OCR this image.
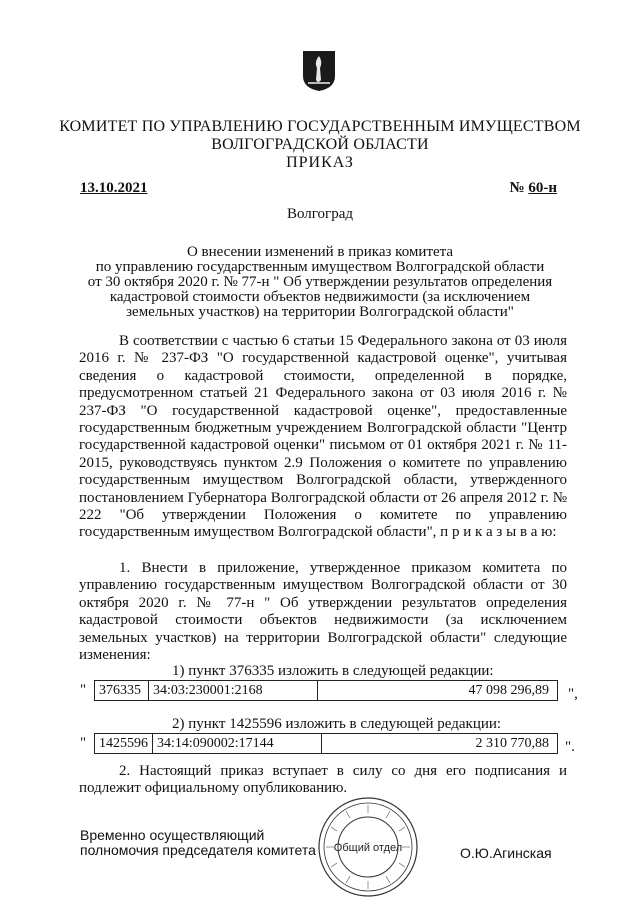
КОМИТЕТ ПО УПРАВЛЕНИЮ ГОСУДАРСТВЕННЫМ ИМУЩЕСТВОМ
ВОЛГОГРАДСКОЙ ОБЛАСТИ
ПРИКАЗ
13.10.2021	№ 60-н
Волгоград
О внесении изменений в приказ комитета
по управлению государственным имуществом Волгоградской области
от 30 октября 2020 г. № 77-н " Об утверждении результатов определения
кадастровой стоимости объектов недвижимости (за исключением
земельных участков) на территории Волгоградской области"

В соответствии с частью 6 статьи 15 Федерального закона от 03 июля 2016 г. № 237-ФЗ "О государственной кадастровой оценке", учитывая сведения о кадастровой стоимости, определенной в порядке, предусмотренном статьей 21 Федерального закона от 03 июля 2016 г. № 237-ФЗ "О государственной кадастровой оценке", предоставленные государственным бюджетным учреждением Волгоградской области "Центр государственной кадастровой оценки" письмом от 01 октября 2021 г. № 11-2015, руководствуясь пунктом 2.9 Положения о комитете по управлению государственным имуществом Волгоградской области, утвержденного постановлением Губернатора Волгоградской области от 26 апреля 2012 г. № 222 "Об утверждении Положения о комитете по управлению государственным имуществом Волгоградской области", п р и к а з ы в а ю:

1. Внести в приложение, утвержденное приказом комитета по управлению государственным имуществом Волгоградской области от 30 октября 2020 г. № 77-н " Об утверждении результатов определения кадастровой стоимости объектов недвижимости (за исключением земельных участков) на территории Волгоградской области" следующие изменения:

1) пункт 376335 изложить в следующей редакции:
" 376335	34:03:230001:2168	47 098 296,89 ",
2) пункт 1425596 изложить в следующей редакции:
" 1425596	34:14:090002:17144	2 310 770,88 ".

2. Настоящий приказ вступает в силу со дня его подписания и подлежит официальному опубликованию.

Временно осуществляющий
полномочия председателя комитета	О.Ю.Агинская
Общий отдел
